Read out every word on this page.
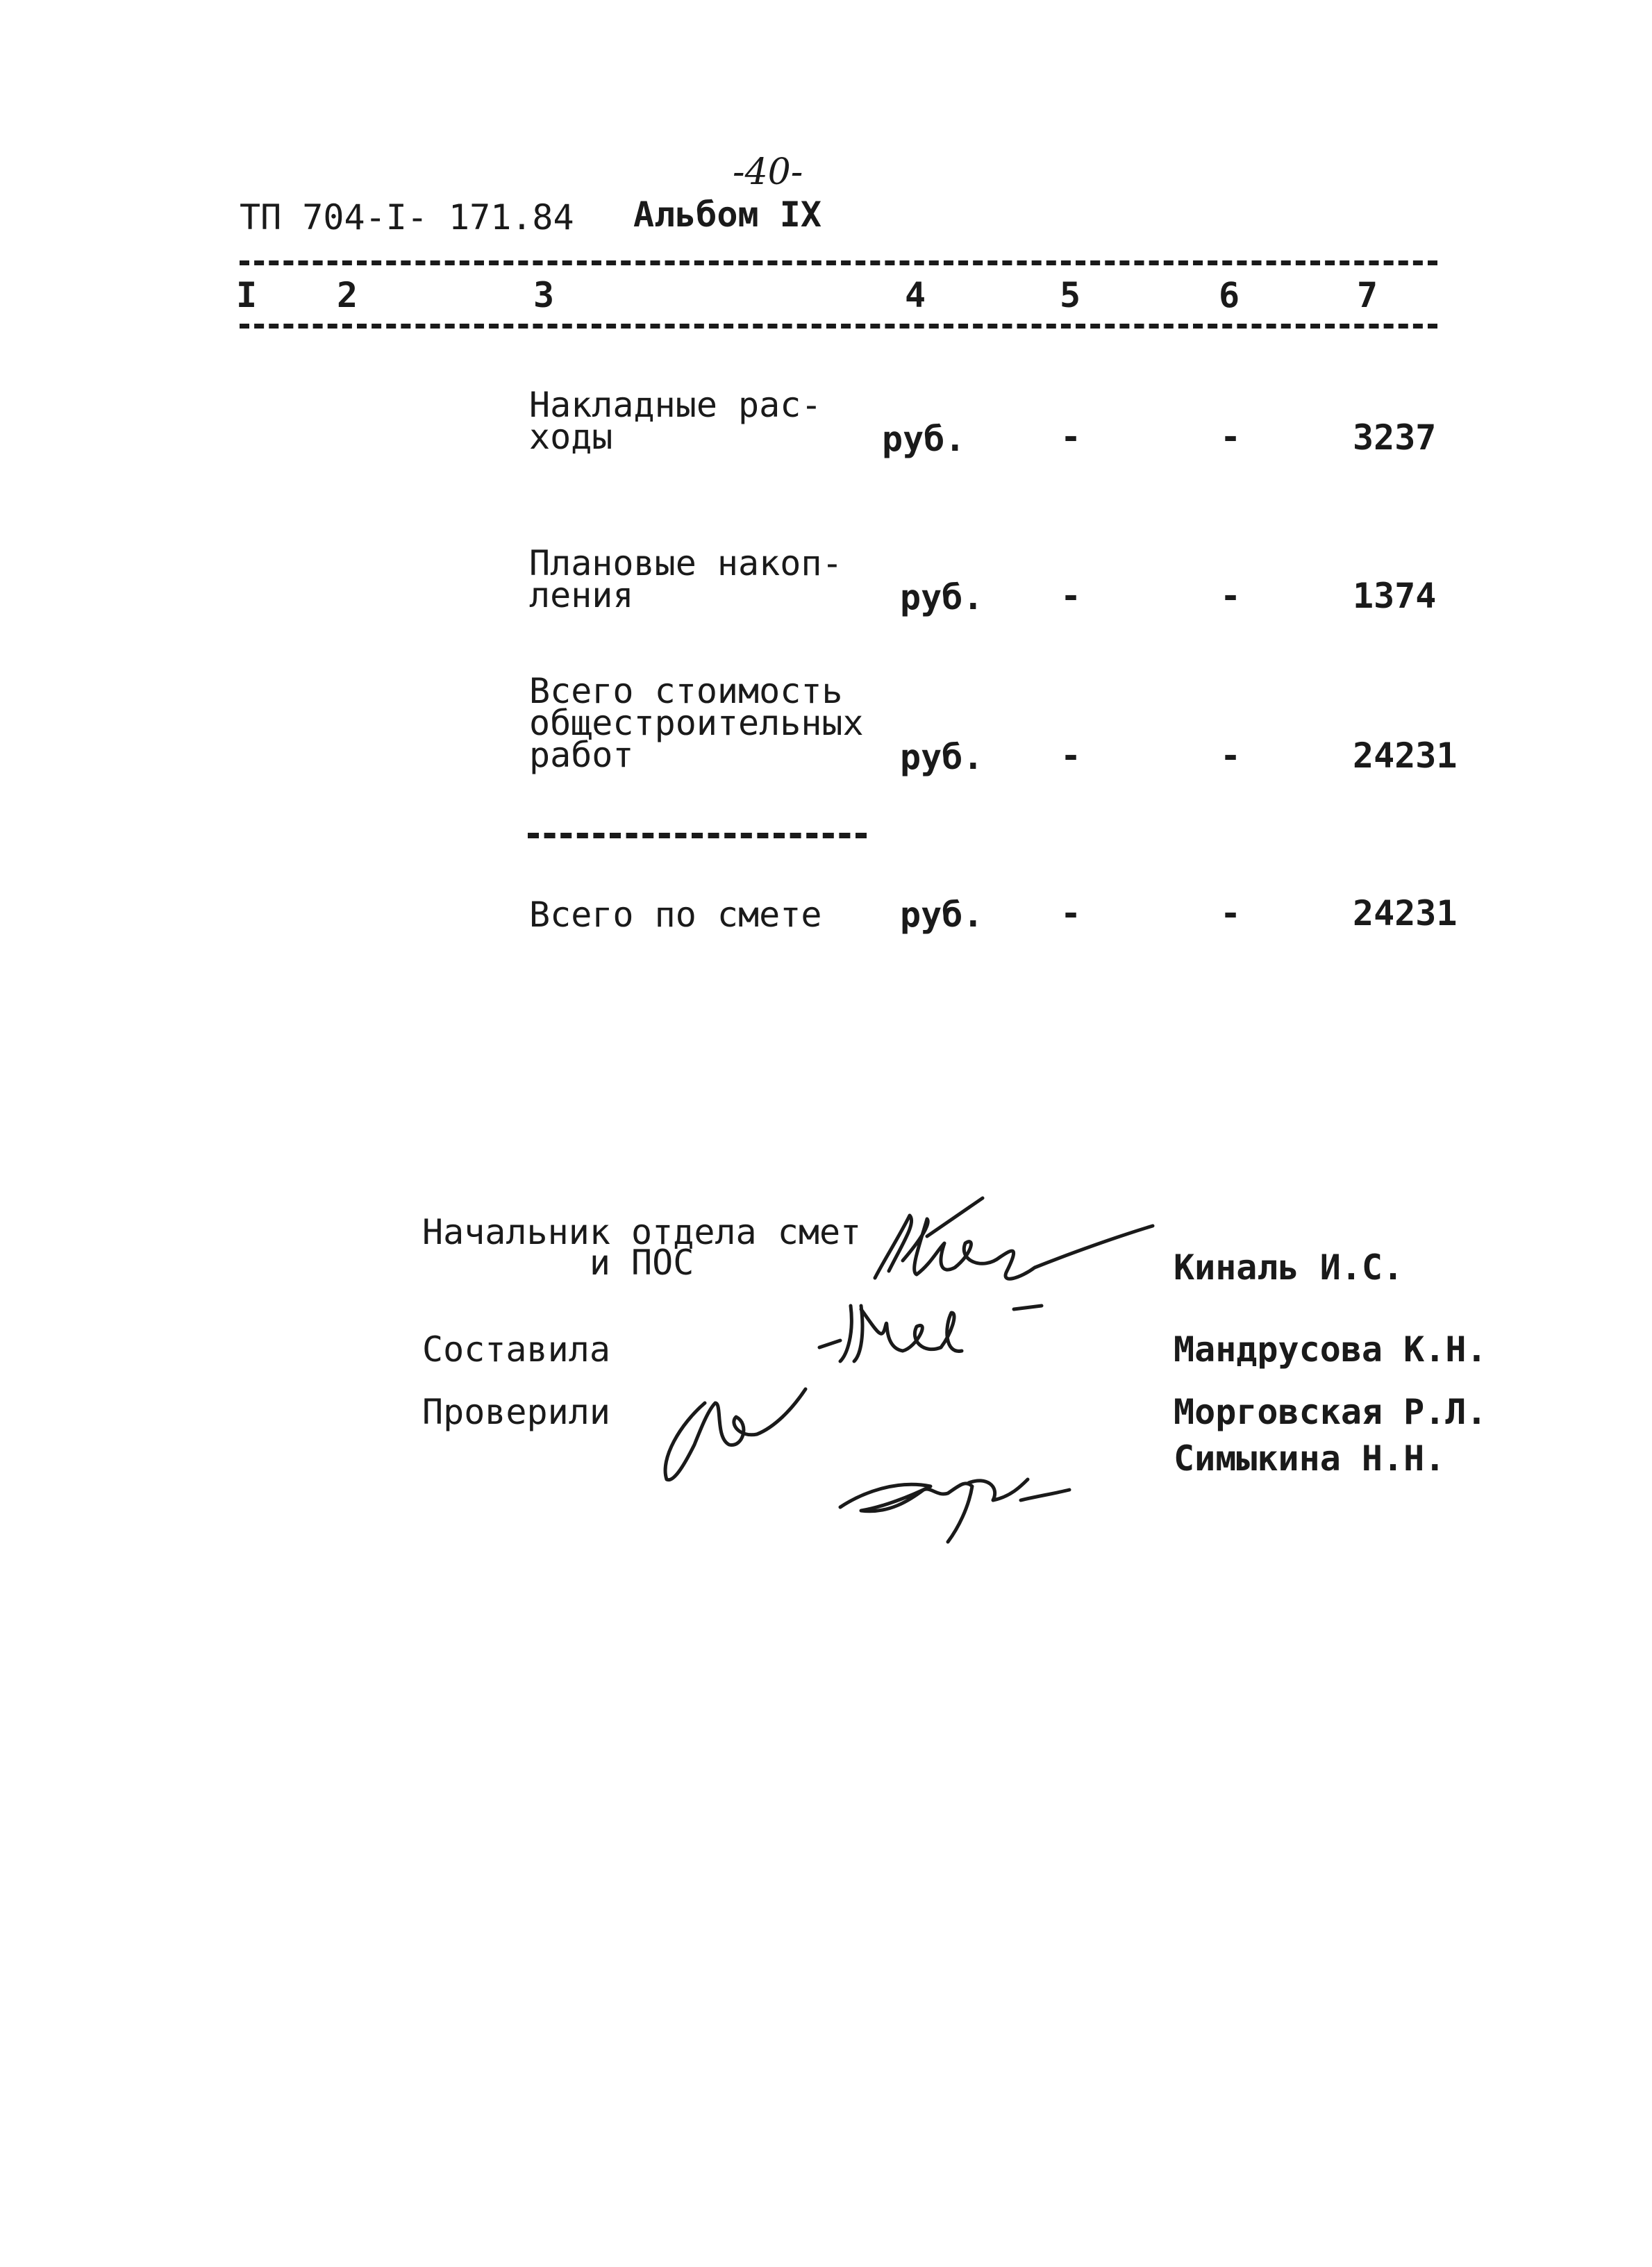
-40-
ТП 704-I- 171.84 Альбом IX
I 2	3	4	5	6	7
Накладные рас-
ходы	руб.	-	-	3237
Плановые накоп-
ления	руб. -	-	1374
Всего стоимость
общестроительных
работ	руб. -	-	24231
Всего по смете руб. -	-	24231
Начальник отдела смет
и ПОС	Киналь И.С.
Составила	Мандрусова К.Н.
Проверили	Морговская Р.Л.
Симыкина Н.Н.
